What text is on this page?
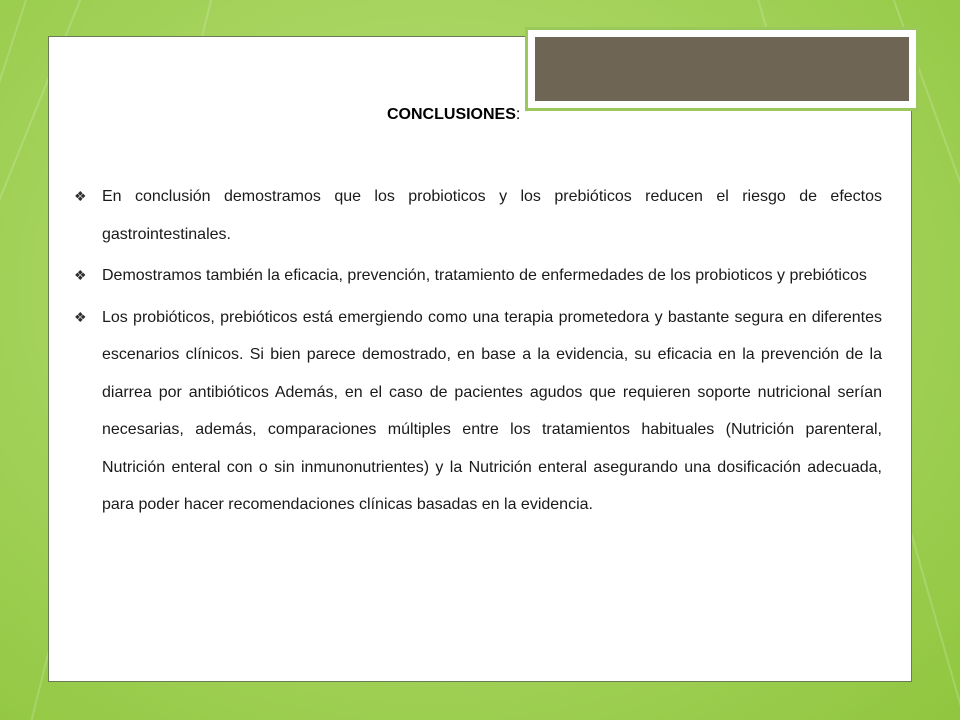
CONCLUSIONES:
❖ En conclusión demostramos que los probioticos y los prebióticos reducen el riesgo de efectos gastrointestinales.
❖ Demostramos también la eficacia, prevención, tratamiento de enfermedades de los probioticos y prebióticos
❖ Los probióticos, prebióticos está emergiendo como una terapia prometedora y bastante segura en diferentes escenarios clínicos. Si bien parece demostrado, en base a la evidencia, su eficacia en la prevención de la diarrea por antibióticos Además, en el caso de pacientes agudos que requieren soporte nutricional serían necesarias, además, comparaciones múltiples entre los tratamientos habituales (Nutrición parenteral, Nutrición enteral con o sin inmunonutrientes) y la Nutrición enteral asegurando una dosificación adecuada, para poder hacer recomendaciones clínicas basadas en la evidencia.
